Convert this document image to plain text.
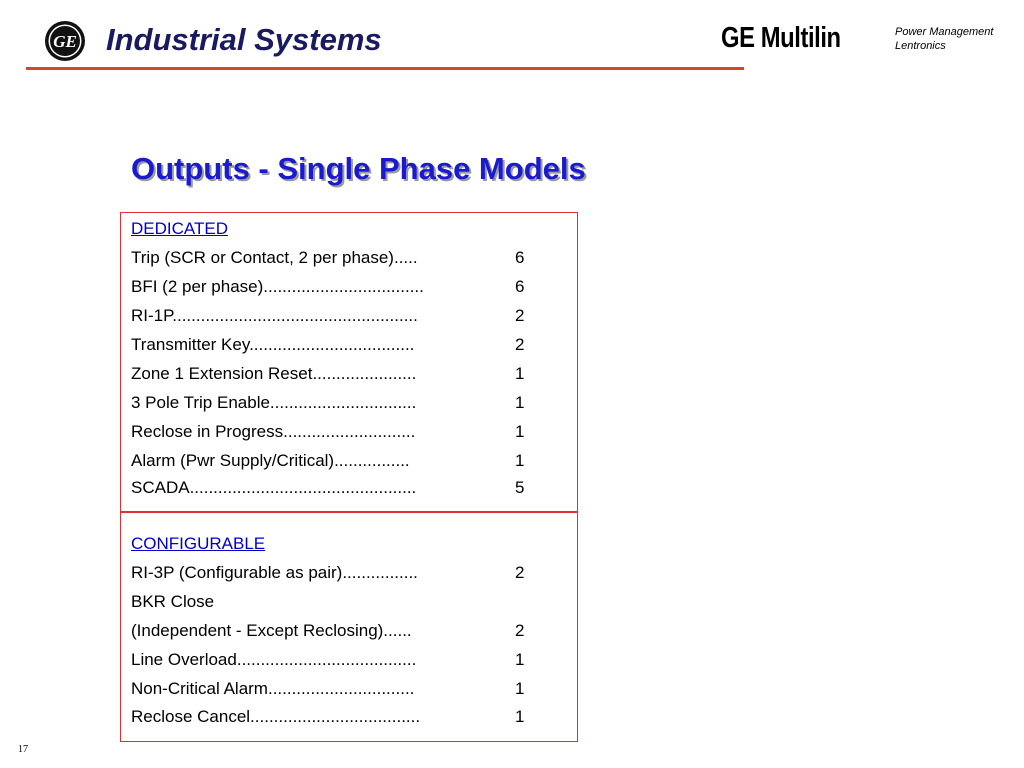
GE Industrial Systems	GE Multilin	Power Management
Lentronics
Outputs - Single Phase Models
DEDICATED
Trip (SCR or Contact, 2 per phase).....	6
BFI (2 per phase)..................................	6
RI-1P....................................................	2
Transmitter Key...................................	2
Zone 1 Extension Reset......................	1
3 Pole Trip Enable...............................	1
Reclose in Progress............................	1
Alarm (Pwr Supply/Critical)................	1
SCADA................................................	5
CONFIGURABLE
RI-3P (Configurable as pair)................	2
BKR Close
(Independent - Except Reclosing)......	2
Line Overload......................................	1
Non-Critical Alarm...............................	1
Reclose Cancel....................................	1
17
